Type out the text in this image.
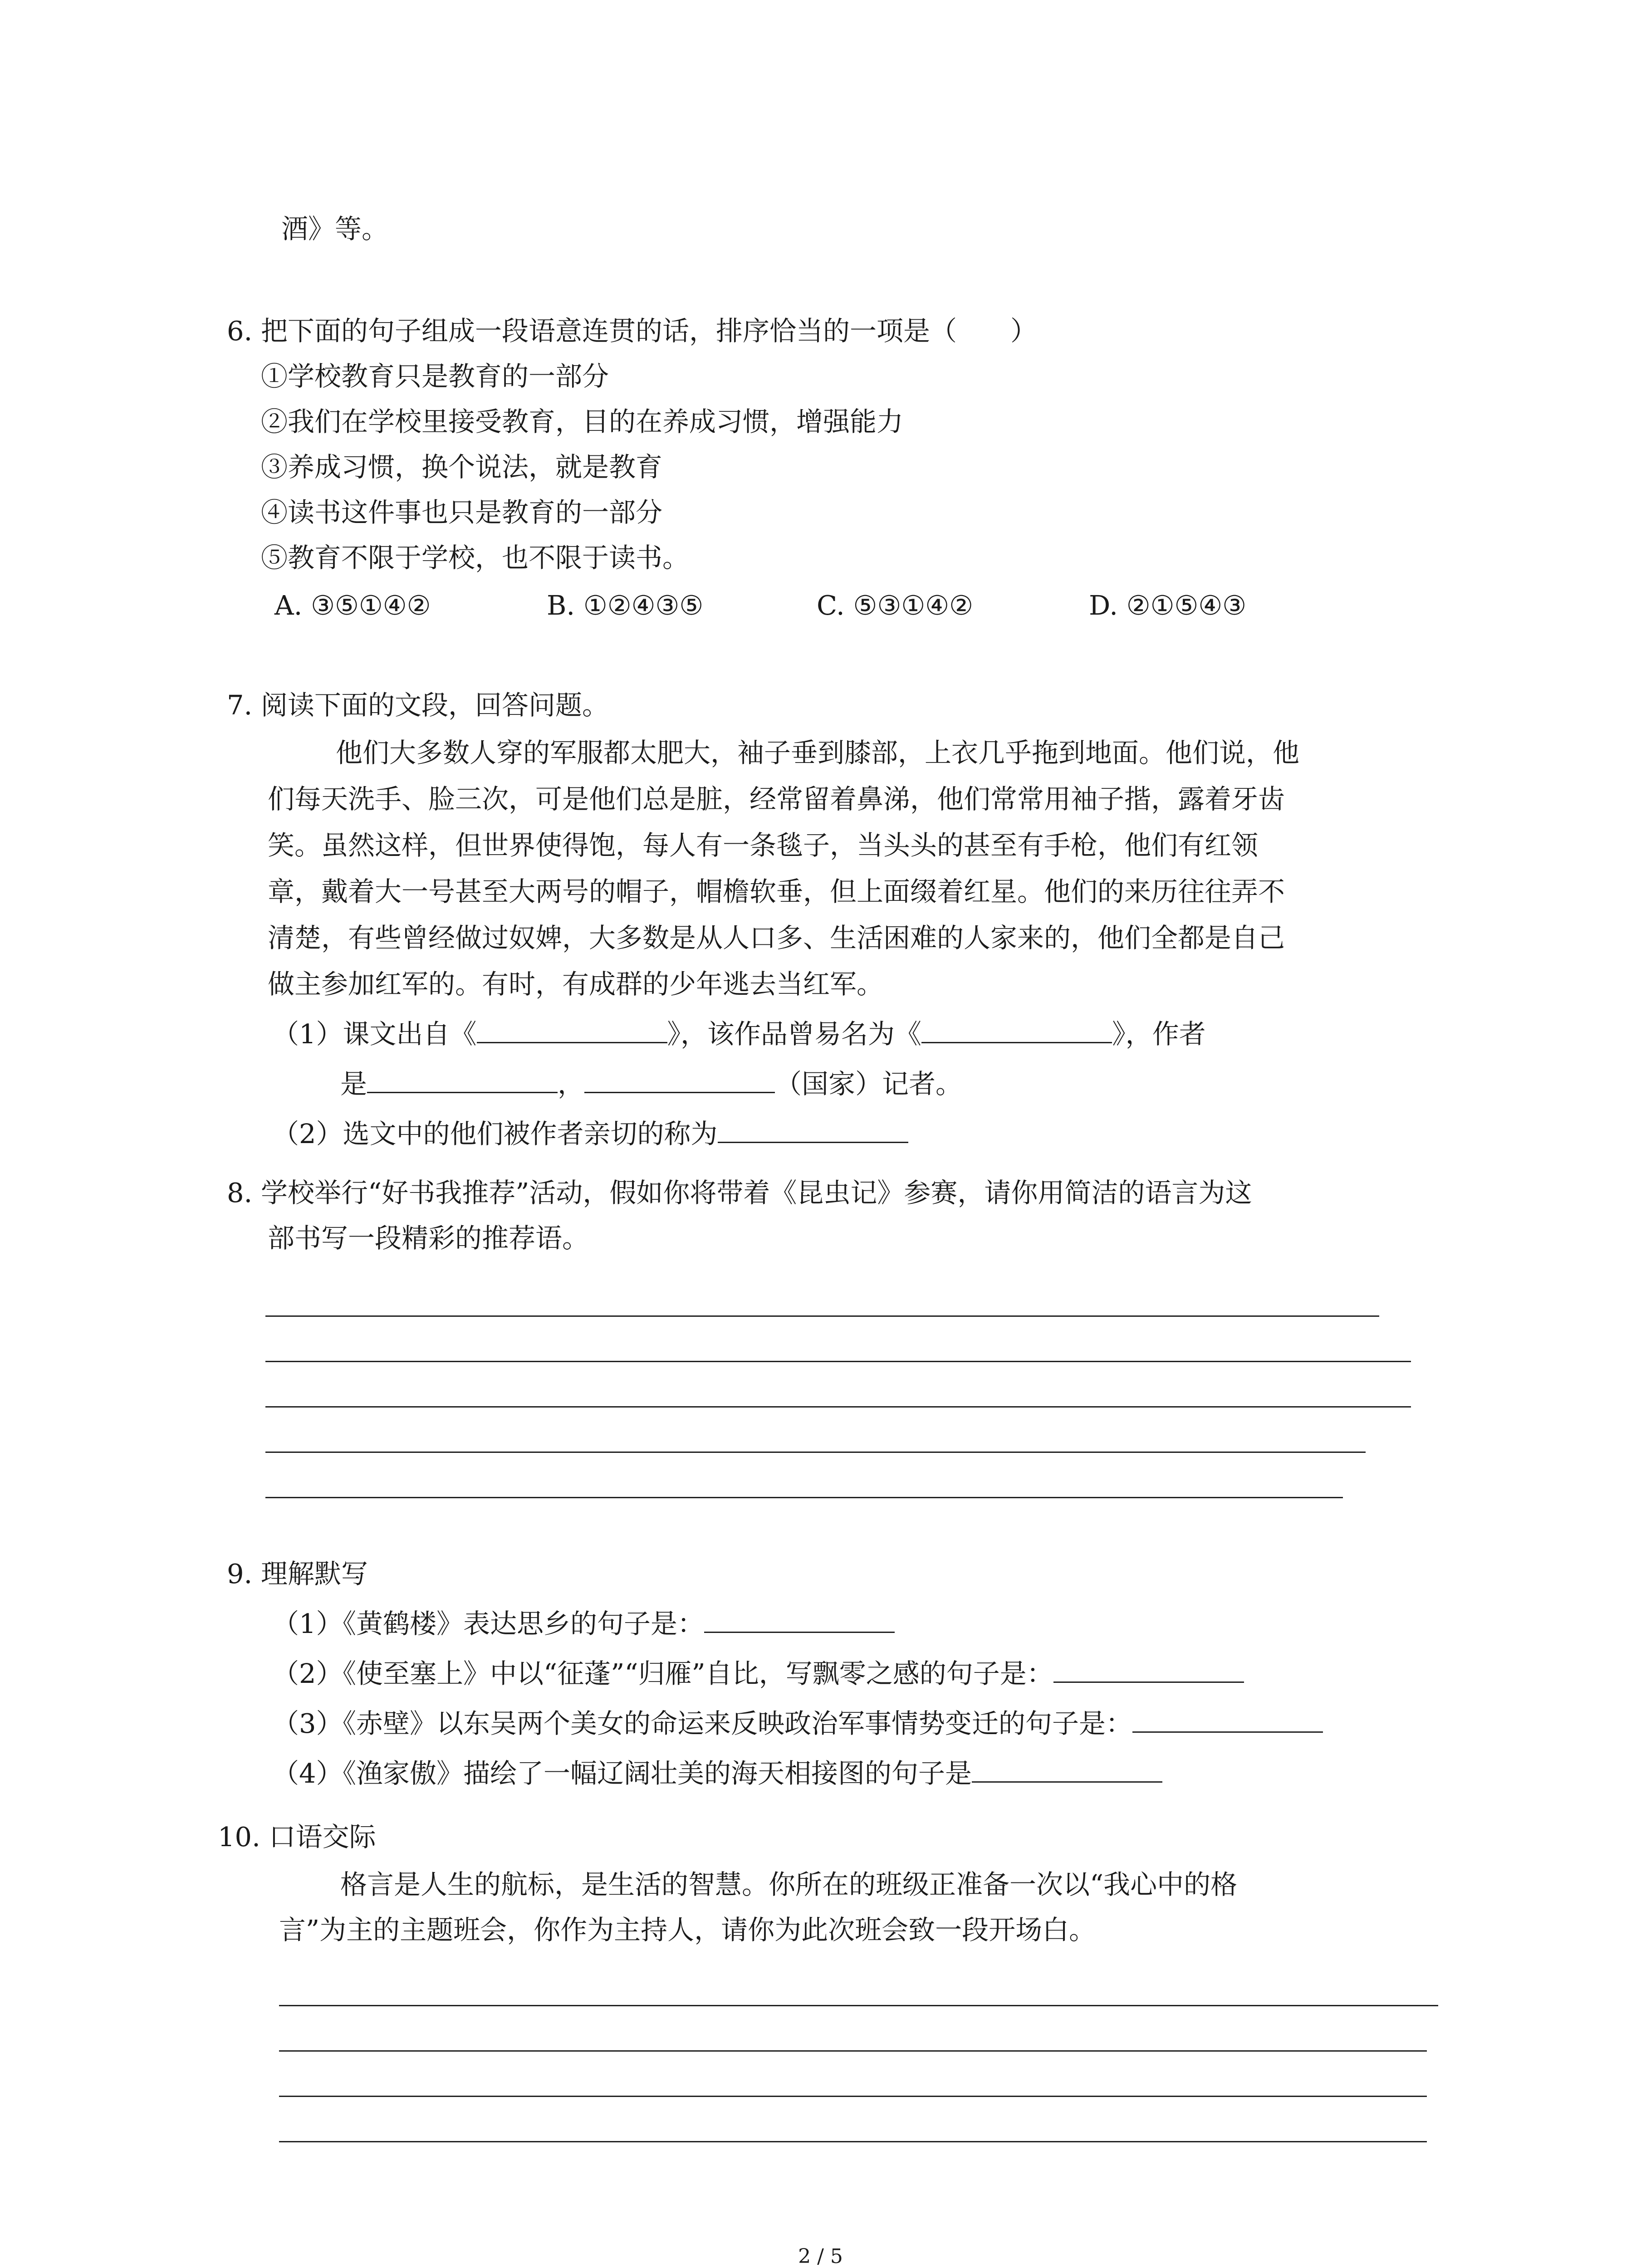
酒》等。

6. 把下面的句子组成一段语意连贯的话，排序恰当的一项是（　　）

①学校教育只是教育的一部分

②我们在学校里接受教育，目的在养成习惯，增强能力

③养成习惯，换个说法，就是教育

④读书这件事也只是教育的一部分

⑤教育不限于学校，也不限于读书。

A. ③⑤①④②	B. ①②④③⑤	C. ⑤③①④②	D. ②①⑤④③

7. 阅读下面的文段，回答问题。

他们大多数人穿的军服都太肥大，袖子垂到膝部，上衣几乎拖到地面。他们说，他

们每天洗手、脸三次，可是他们总是脏，经常留着鼻涕，他们常常用袖子揩，露着牙齿

笑。虽然这样，但世界使得饱，每人有一条毯子，当头头的甚至有手枪，他们有红领

章，戴着大一号甚至大两号的帽子，帽檐软垂，但上面缀着红星。他们的来历往往弄不

清楚，有些曾经做过奴婢，大多数是从人口多、生活困难的人家来的，他们全都是自己

做主参加红军的。有时，有成群的少年逃去当红军。

（1）课文出自《	》，该作品曾易名为《	》，作者

是	，	（国家）记者。

（2）选文中的他们被作者亲切的称为

8. 学校举行“好书我推荐”活动，假如你将带着《昆虫记》参赛，请你用简洁的语言为这

部书写一段精彩的推荐语。

9. 理解默写

（1）《黄鹤楼》表达思乡的句子是：

（2）《使至塞上》中以“征蓬”“归雁”自比，写飘零之感的句子是：

（3）《赤壁》以东吴两个美女的命运来反映政治军事情势变迁的句子是：

（4）《渔家傲》描绘了一幅辽阔壮美的海天相接图的句子是

10. 口语交际

格言是人生的航标，是生活的智慧。你所在的班级正准备一次以“我心中的格

言”为主的主题班会，你作为主持人，请你为此次班会致一段开场白。

2 / 5
